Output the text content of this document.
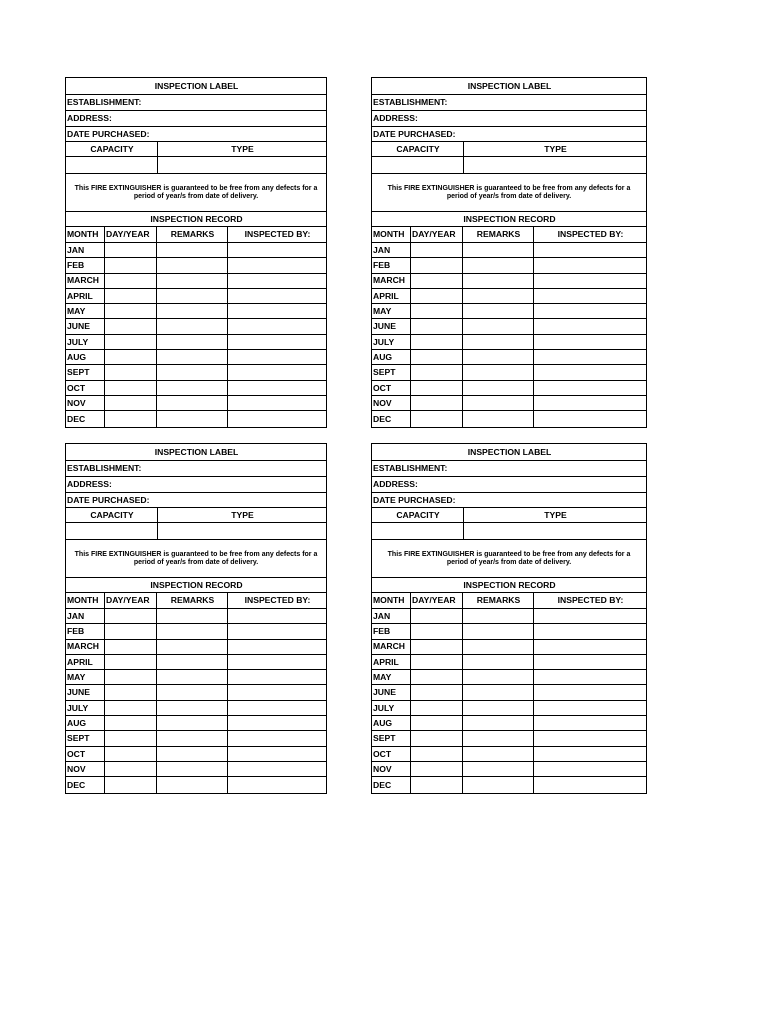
INSPECTION LABEL
ESTABLISHMENT:
ADDRESS:
DATE PURCHASED:
CAPACITY	TYPE
This FIRE EXTINGUISHER is guaranteed to be free from any defects for a period of year/s from date of delivery.
INSPECTION RECORD
MONTH DAY/YEAR	REMARKS	INSPECTED BY:
JAN
FEB
MARCH
APRIL
MAY
JUNE
JULY
AUG
SEPT
OCT
NOV
DEC
INSPECTION LABEL
ESTABLISHMENT:
ADDRESS:
DATE PURCHASED:
CAPACITY	TYPE
This FIRE EXTINGUISHER is guaranteed to be free from any defects for a period of year/s from date of delivery.
INSPECTION RECORD
MONTH DAY/YEAR	REMARKS	INSPECTED BY:
JAN
FEB
MARCH
APRIL
MAY
JUNE
JULY
AUG
SEPT
OCT
NOV
DEC
INSPECTION LABEL
ESTABLISHMENT:
ADDRESS:
DATE PURCHASED:
CAPACITY	TYPE
This FIRE EXTINGUISHER is guaranteed to be free from any defects for a period of year/s from date of delivery.
INSPECTION RECORD
MONTH DAY/YEAR	REMARKS	INSPECTED BY:
JAN
FEB
MARCH
APRIL
MAY
JUNE
JULY
AUG
SEPT
OCT
NOV
DEC
INSPECTION LABEL
ESTABLISHMENT:
ADDRESS:
DATE PURCHASED:
CAPACITY	TYPE
This FIRE EXTINGUISHER is guaranteed to be free from any defects for a period of year/s from date of delivery.
INSPECTION RECORD
MONTH DAY/YEAR	REMARKS	INSPECTED BY:
JAN
FEB
MARCH
APRIL
MAY
JUNE
JULY
AUG
SEPT
OCT
NOV
DEC
